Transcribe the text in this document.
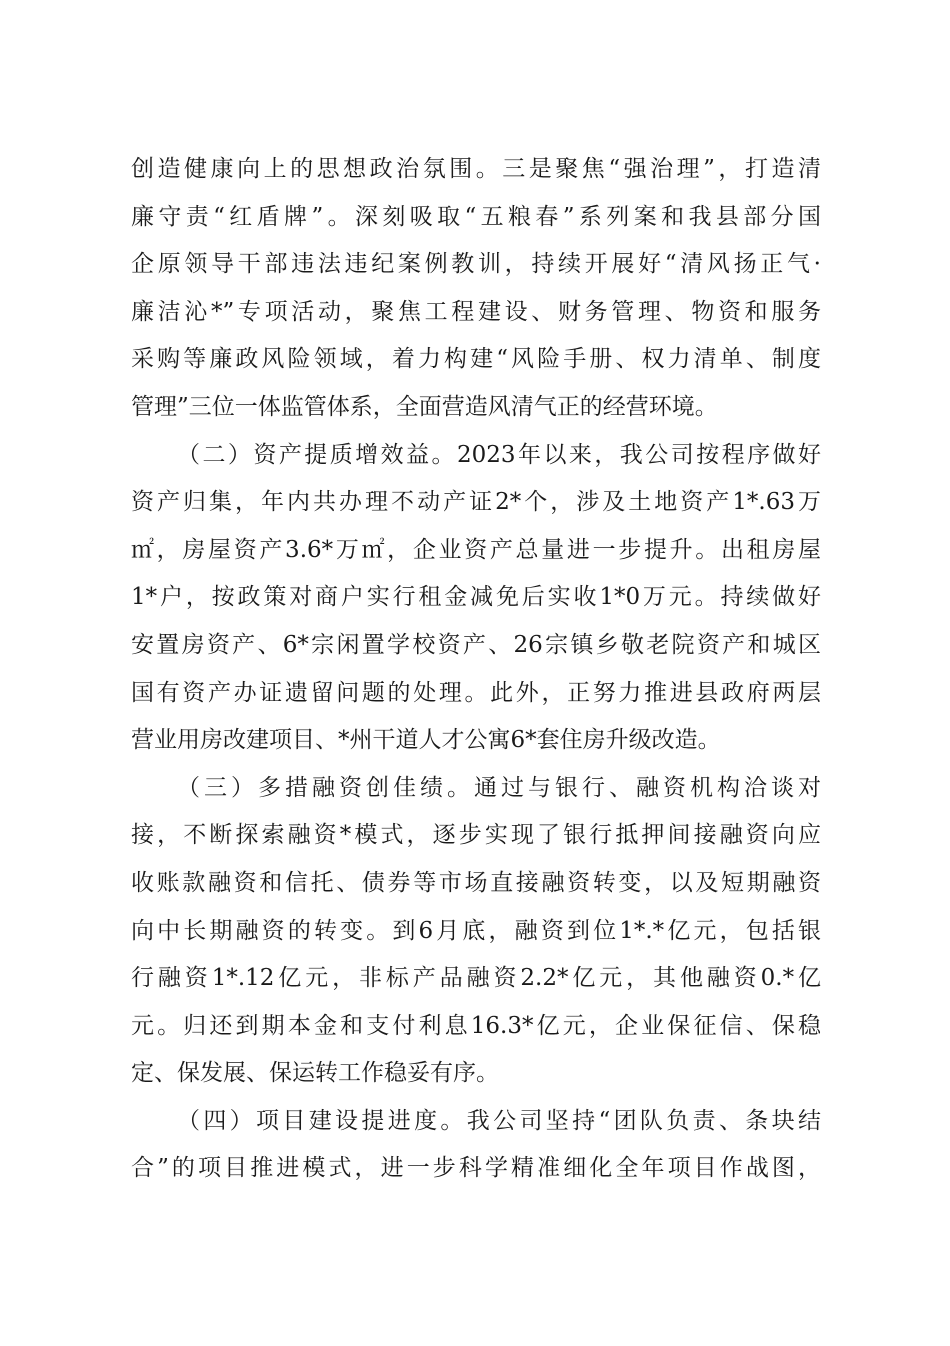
创造健康向上的思想政治氛围。三是聚焦“强治理”，打造清
廉守责“红盾牌”。深刻吸取“五粮春”系列案和我县部分国
企原领导干部违法违纪案例教训，持续开展好“清风扬正气·
廉洁沁*”专项活动，聚焦工程建设、财务管理、物资和服务
采购等廉政风险领域，着力构建“风险手册、权力清单、制度
管理”三位一体监管体系，全面营造风清气正的经营环境。
（二）资产提质增效益。2023年以来，我公司按程序做好
资产归集，年内共办理不动产证2*个，涉及土地资产1*.63万
㎡，房屋资产3.6*万㎡，企业资产总量进一步提升。出租房屋
1*户，按政策对商户实行租金减免后实收1*0万元。持续做好
安置房资产、6*宗闲置学校资产、26宗镇乡敬老院资产和城区
国有资产办证遗留问题的处理。此外，正努力推进县政府两层
营业用房改建项目、*州干道人才公寓6*套住房升级改造。
（三）多措融资创佳绩。通过与银行、融资机构洽谈对
接，不断探索融资*模式，逐步实现了银行抵押间接融资向应
收账款融资和信托、债券等市场直接融资转变，以及短期融资
向中长期融资的转变。到6月底，融资到位1*.*亿元，包括银
行融资1*.12亿元，非标产品融资2.2*亿元，其他融资0.*亿
元。归还到期本金和支付利息16.3*亿元，企业保征信、保稳
定、保发展、保运转工作稳妥有序。
（四）项目建设提进度。我公司坚持“团队负责、条块结
合”的项目推进模式，进一步科学精准细化全年项目作战图，
